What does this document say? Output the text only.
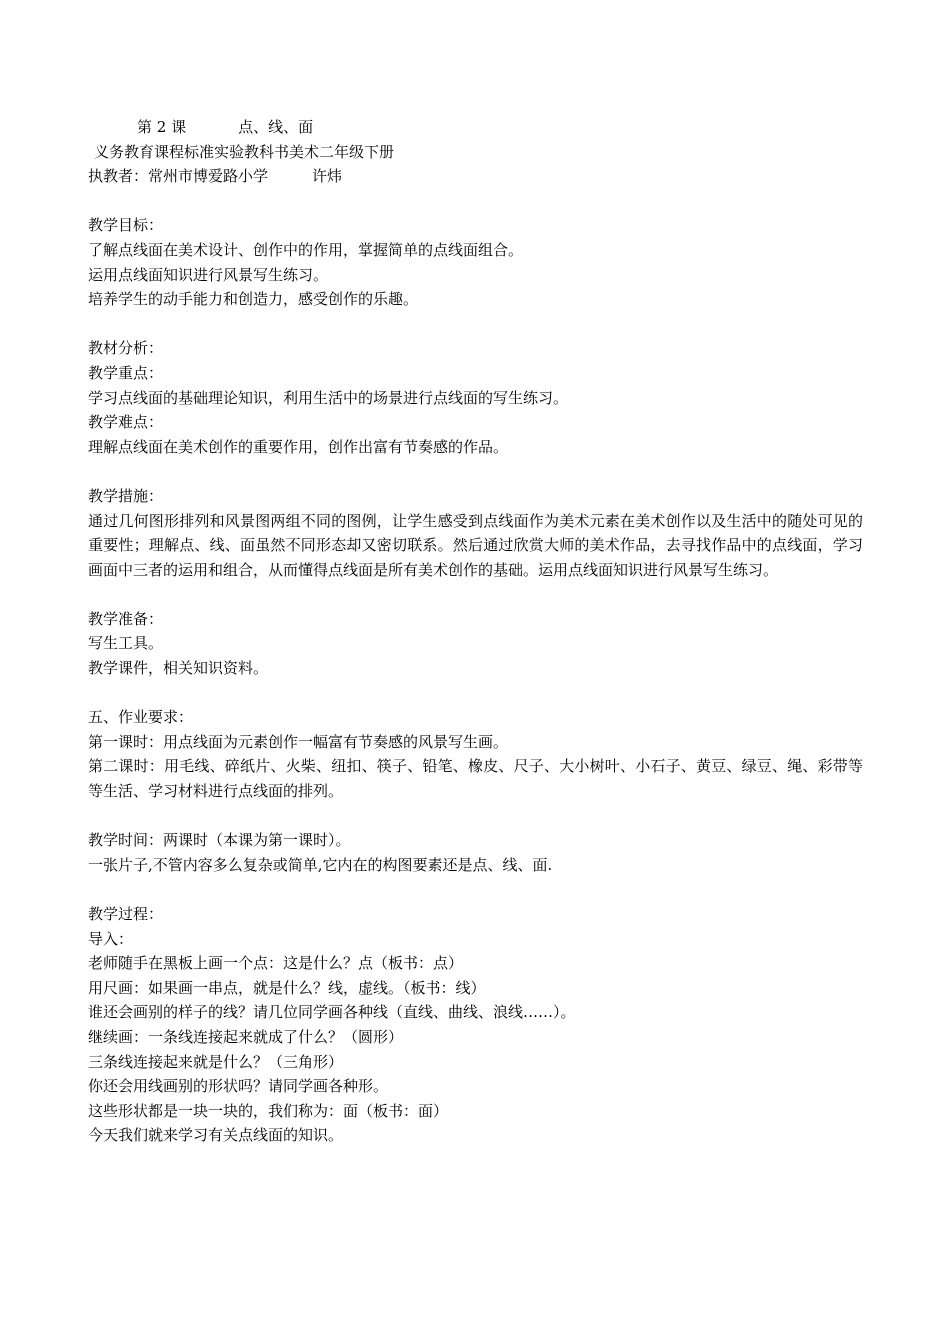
第 2 课	点、线、面
义务教育课程标准实验教科书美术二年级下册
执教者：常州市博爱路小学	许炜
教学目标：
了解点线面在美术设计、创作中的作用，掌握简单的点线面组合。
运用点线面知识进行风景写生练习。
培养学生的动手能力和创造力，感受创作的乐趣。
教材分析：
教学重点：
学习点线面的基础理论知识，利用生活中的场景进行点线面的写生练习。
教学难点：
理解点线面在美术创作的重要作用，创作出富有节奏感的作品。
教学措施：
通过几何图形排列和风景图两组不同的图例，让学生感受到点线面作为美术元素在美术创作以及生活中的随处可见的重要性；理解点、线、面虽然不同形态却又密切联系。然后通过欣赏大师的美术作品，去寻找作品中的点线面，学习画面中三者的运用和组合，从而懂得点线面是所有美术创作的基础。运用点线面知识进行风景写生练习。
教学准备：
写生工具。
教学课件，相关知识资料。
五、作业要求：
第一课时：用点线面为元素创作一幅富有节奏感的风景写生画。
第二课时：用毛线、碎纸片、火柴、纽扣、筷子、铅笔、橡皮、尺子、大小树叶、小石子、黄豆、绿豆、绳、彩带等等生活、学习材料进行点线面的排列。
教学时间：两课时（本课为第一课时）。
一张片子,不管内容多么复杂或简单,它内在的构图要素还是点、线、面.
教学过程：
导入：
老师随手在黑板上画一个点：这是什么？点（板书：点）
用尺画：如果画一串点，就是什么？线，虚线。（板书：线）
谁还会画别的样子的线？请几位同学画各种线（直线、曲线、浪线……）。
继续画：一条线连接起来就成了什么？（圆形）
三条线连接起来就是什么？（三角形）
你还会用线画别的形状吗？请同学画各种形。
这些形状都是一块一块的，我们称为：面（板书：面）
今天我们就来学习有关点线面的知识。
